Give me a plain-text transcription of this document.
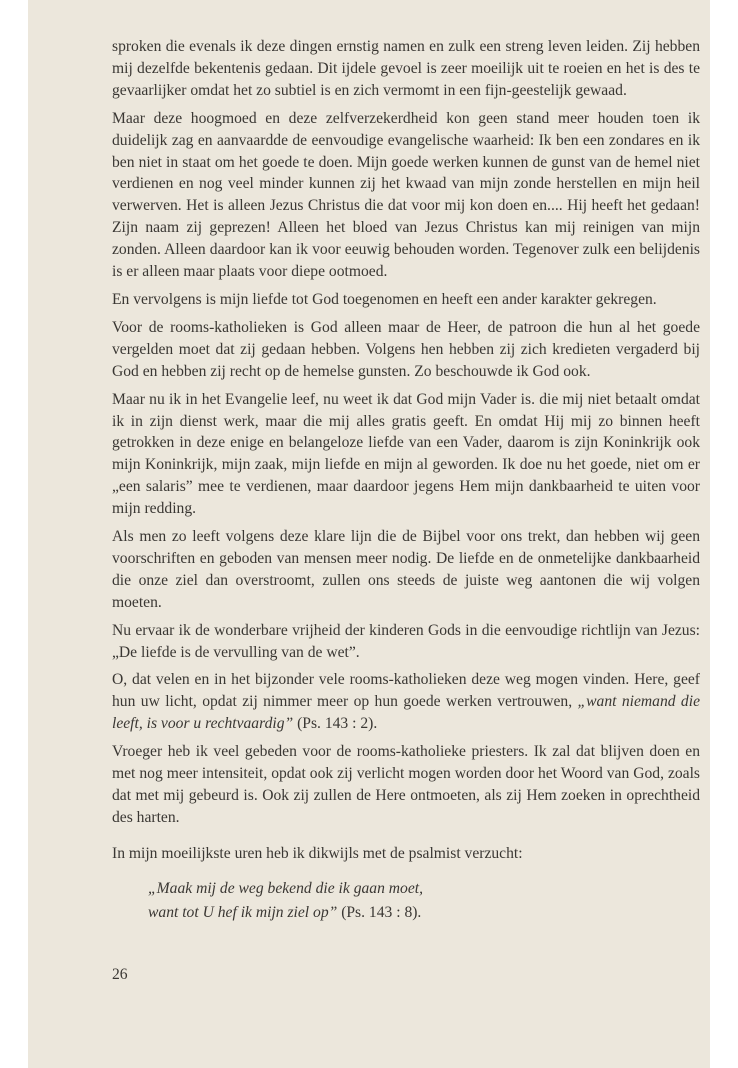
sproken die evenals ik deze dingen ernstig namen en zulk een streng leven leiden. Zij hebben mij dezelfde bekentenis gedaan. Dit ijdele gevoel is zeer moeilijk uit te roeien en het is des te gevaarlijker omdat het zo subtiel is en zich vermomt in een fijn-geestelijk gewaad.

Maar deze hoogmoed en deze zelfverzekerdheid kon geen stand meer houden toen ik duidelijk zag en aanvaardde de eenvoudige evangelische waarheid: Ik ben een zondares en ik ben niet in staat om het goede te doen. Mijn goede werken kunnen de gunst van de hemel niet verdienen en nog veel minder kunnen zij het kwaad van mijn zonde herstellen en mijn heil verwerven. Het is alleen Jezus Christus die dat voor mij kon doen en.... Hij heeft het gedaan! Zijn naam zij geprezen! Alleen het bloed van Jezus Christus kan mij reinigen van mijn zonden. Alleen daardoor kan ik voor eeuwig behouden worden. Tegenover zulk een belijdenis is er alleen maar plaats voor diepe ootmoed.

En vervolgens is mijn liefde tot God toegenomen en heeft een ander karakter gekregen.

Voor de rooms-katholieken is God alleen maar de Heer, de patroon die hun al het goede vergelden moet dat zij gedaan hebben. Volgens hen hebben zij zich kredieten vergaderd bij God en hebben zij recht op de hemelse gunsten. Zo beschouwde ik God ook.

Maar nu ik in het Evangelie leef, nu weet ik dat God mijn Vader is. die mij niet betaalt omdat ik in zijn dienst werk, maar die mij alles gratis geeft. En omdat Hij mij zo binnen heeft getrokken in deze enige en belangeloze liefde van een Vader, daarom is zijn Koninkrijk ook mijn Koninkrijk, mijn zaak, mijn liefde en mijn al geworden. Ik doe nu het goede, niet om er „een salaris” mee te verdienen, maar daardoor jegens Hem mijn dankbaarheid te uiten voor mijn redding.

Als men zo leeft volgens deze klare lijn die de Bijbel voor ons trekt, dan hebben wij geen voorschriften en geboden van mensen meer nodig. De liefde en de onmetelijke dankbaarheid die onze ziel dan overstroomt, zullen ons steeds de juiste weg aantonen die wij volgen moeten.

Nu ervaar ik de wonderbare vrijheid der kinderen Gods in die eenvoudige richtlijn van Jezus: „De liefde is de vervulling van de wet”.

O, dat velen en in het bijzonder vele rooms-katholieken deze weg mogen vinden. Here, geef hun uw licht, opdat zij nimmer meer op hun goede werken vertrouwen, „want niemand die leeft, is voor u rechtvaardig” (Ps. 143 : 2).

Vroeger heb ik veel gebeden voor de rooms-katholieke priesters. Ik zal dat blijven doen en met nog meer intensiteit, opdat ook zij verlicht mogen worden door het Woord van God, zoals dat met mij gebeurd is. Ook zij zullen de Here ontmoeten, als zij Hem zoeken in oprechtheid des harten.

In mijn moeilijkste uren heb ik dikwijls met de psalmist verzucht:

„Maak mij de weg bekend die ik gaan moet,
want tot U hef ik mijn ziel op” (Ps. 143 : 8).
26
